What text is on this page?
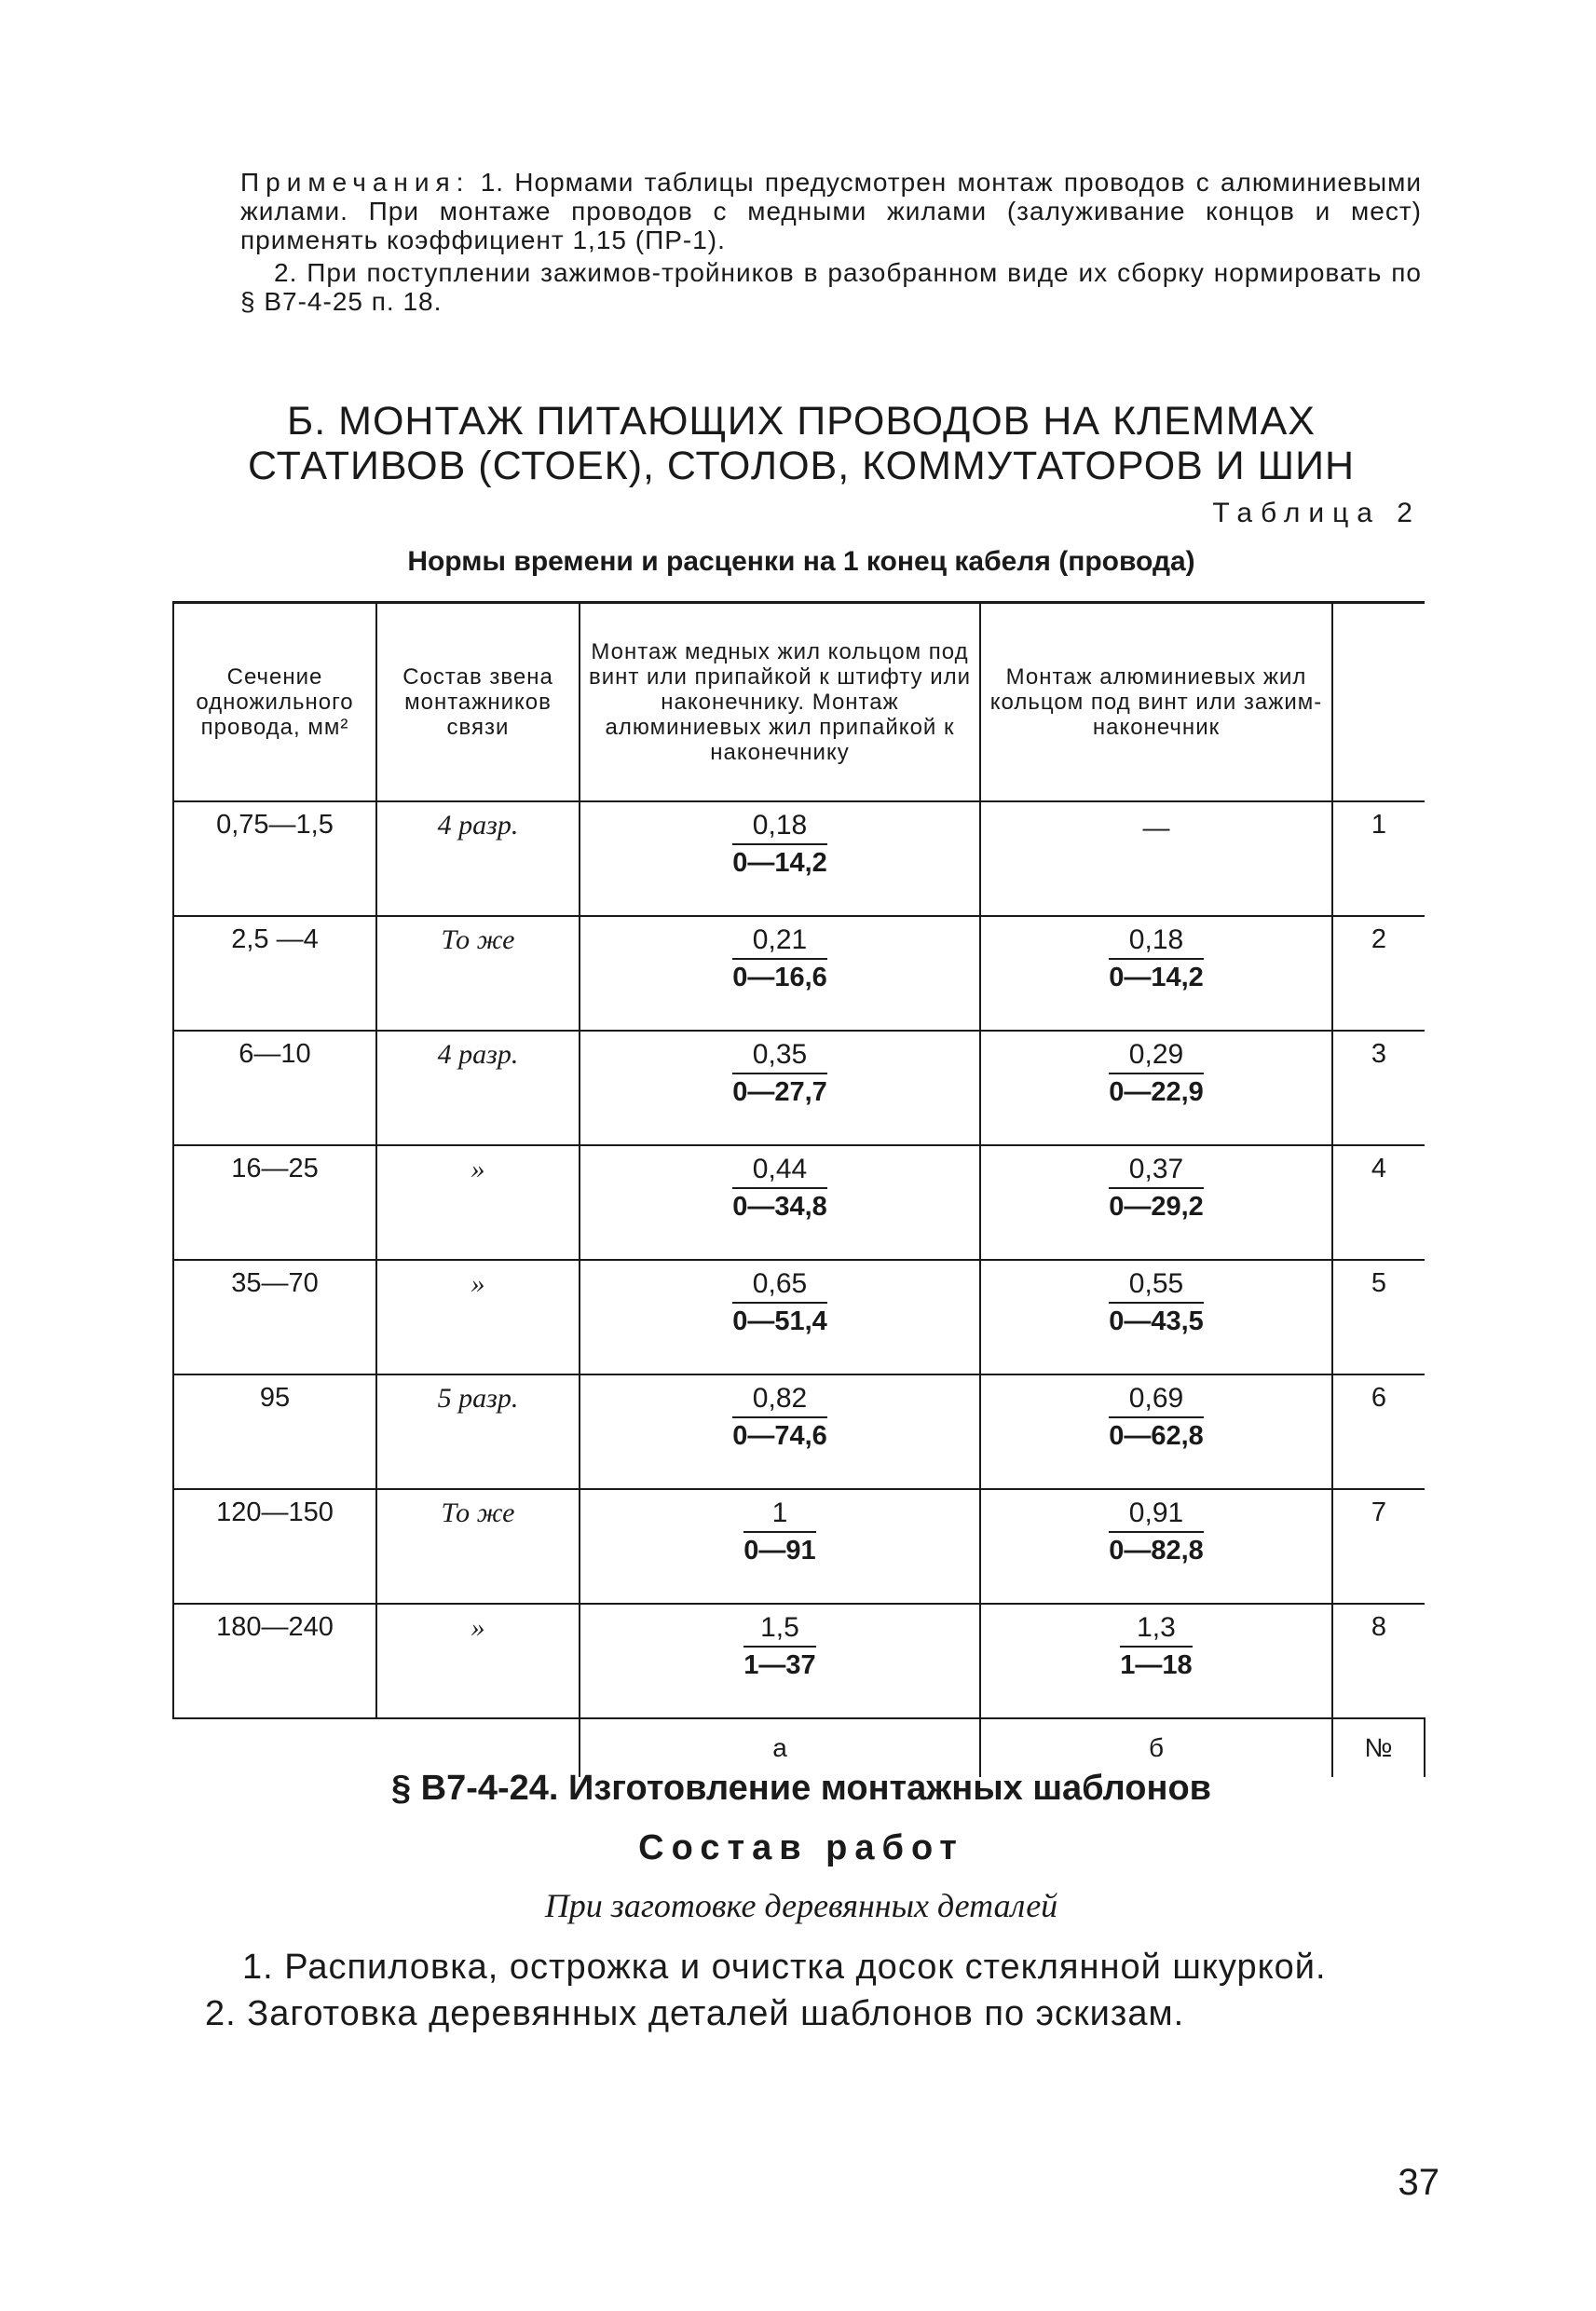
Примечания: 1. Нормами таблицы предусмотрен монтаж проводов с алюминиевыми жилами. При монтаже проводов с медными жилами (залуживание концов и мест) применять коэффициент 1,15 (ПР-1).

2. При поступлении зажимов-тройников в разобранном виде их сборку нормировать по § В7-4-25 п. 18.

Б. МОНТАЖ ПИТАЮЩИХ ПРОВОДОВ НА КЛЕММАХ
СТАТИВОВ (СТОЕК), СТОЛОВ, КОММУТАТОРОВ И ШИН
Таблица 2
Нормы времени и расценки на 1 конец кабеля (провода)
Сечение одножильного провода, мм²	Состав звена монтажников связи	Монтаж медных жил кольцом под винт или припайкой к штифту или наконечнику. Монтаж алюминиевых жил припайкой к наконечнику	Монтаж алюминиевых жил кольцом под винт или зажим-наконечник	
0,75—1,5	4 разр.	$\frac{0,18}{0—14,2}$	—	1
2,5 —4	То же	$\frac{0,21}{0—16,6}$	$\frac{0,18}{0—14,2}$	2
6—10	4 разр.	$\frac{0,35}{0—27,7}$	$\frac{0,29}{0—22,9}$	3
16—25	»	$\frac{0,44}{0—34,8}$	$\frac{0,37}{0—29,2}$	4
35—70	»	$\frac{0,65}{0—51,4}$	$\frac{0,55}{0—43,5}$	5
95	5 разр.	$\frac{0,82}{0—74,6}$	$\frac{0,69}{0—62,8}$	6
120—150	То же	$\frac{1}{0—91}$	$\frac{0,91}{0—82,8}$	7
180—240	»	$\frac{1,5}{1—37}$	$\frac{1,3}{1—18}$	8
		а	б	№
§ В7-4-24. Изготовление монтажных шаблонов
Состав работ
При заготовке деревянных деталей

1. Распиловка, острожка и очистка досок стеклянной шкуркой.

2. Заготовка деревянных деталей шаблонов по эскизам.

37
